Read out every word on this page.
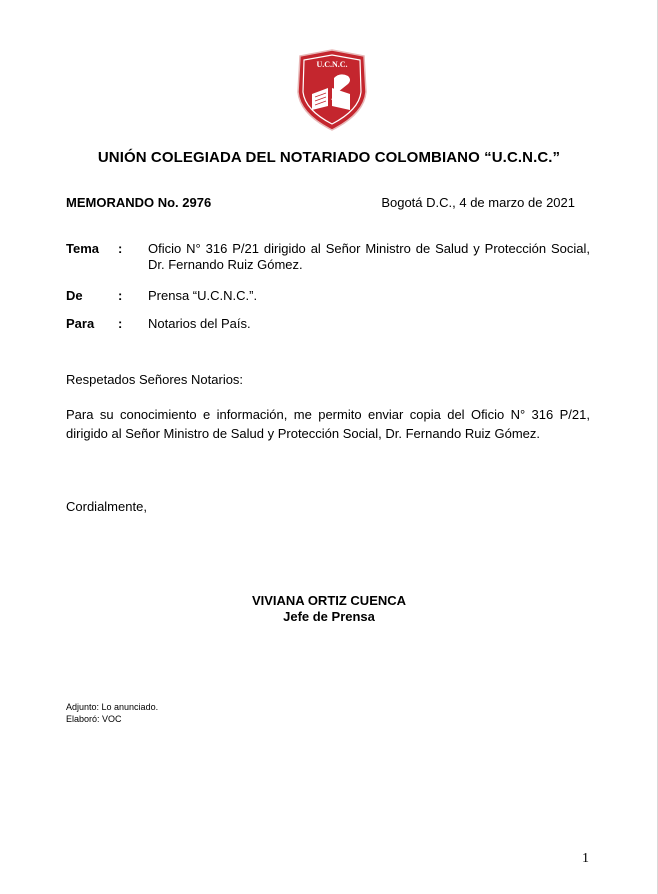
U.C.N.C.
UNIÓN COLEGIADA DEL NOTARIADO COLOMBIANO “U.C.N.C.”
MEMORANDO No. 2976	Bogotá D.C., 4 de marzo de 2021
Tema : Oficio N° 316 P/21 dirigido al Señor Ministro de Salud y Protección Social, Dr. Fernando Ruiz Gómez.
De	: Prensa “U.C.N.C.”.
Para : Notarios del País.
Respetados Señores Notarios:
Para su conocimiento e información, me permito enviar copia del Oficio N° 316 P/21, dirigido al Señor Ministro de Salud y Protección Social, Dr. Fernando Ruiz Gómez.
Cordialmente,
VIVIANA ORTIZ CUENCA
Jefe de Prensa
Adjunto: Lo anunciado.
Elaboró: VOC
1
